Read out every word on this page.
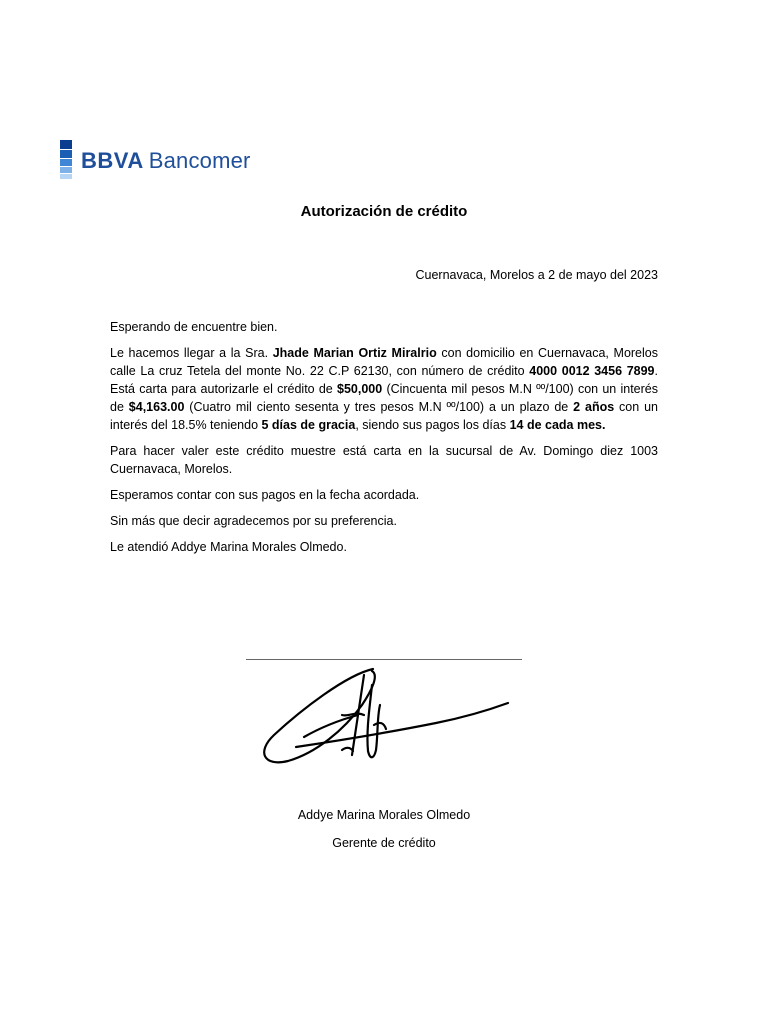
BBVA Bancomer
Autorización de crédito
Cuernavaca, Morelos a 2 de mayo del 2023

Esperando de encuentre bien.

Le hacemos llegar a la Sra. Jhade Marian Ortiz Miralrio con domicilio en Cuernavaca, Morelos calle La cruz Tetela del monte No. 22 C.P 62130, con número de crédito 4000 0012 3456 7899. Está carta para autorizarle el crédito de $50,000 (Cincuenta mil pesos M.N ºº/100) con un interés de $4,163.00 (Cuatro mil ciento sesenta y tres pesos M.N ºº/100) a un plazo de 2 años con un interés del 18.5% teniendo 5 días de gracia, siendo sus pagos los días 14 de cada mes.

Para hacer valer este crédito muestre está carta en la sucursal de Av. Domingo diez 1003 Cuernavaca, Morelos.

Esperamos contar con sus pagos en la fecha acordada.

Sin más que decir agradecemos por su preferencia.

Le atendió Addye Marina Morales Olmedo.

Addye Marina Morales Olmedo
Gerente de crédito
